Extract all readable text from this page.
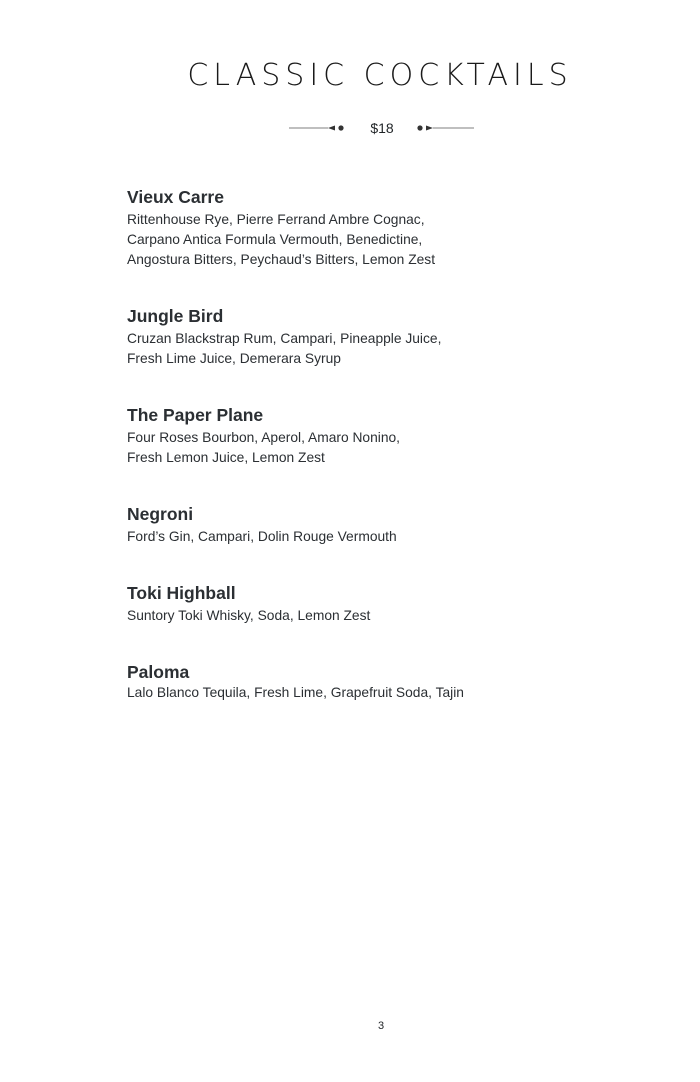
CLASSIC COCKTAILS
$18

Vieux Carre

Rittenhouse Rye, Pierre Ferrand Ambre Cognac,
Carpano Antica Formula Vermouth, Benedictine,
Angostura Bitters, Peychaud’s Bitters, Lemon Zest

Jungle Bird

Cruzan Blackstrap Rum, Campari, Pineapple Juice,
Fresh Lime Juice, Demerara Syrup

The Paper Plane

Four Roses Bourbon, Aperol, Amaro Nonino,
Fresh Lemon Juice, Lemon Zest

Negroni

Ford’s Gin, Campari, Dolin Rouge Vermouth

Toki Highball

Suntory Toki Whisky, Soda, Lemon Zest

Paloma

Lalo Blanco Tequila, Fresh Lime, Grapefruit Soda, Tajin

3
